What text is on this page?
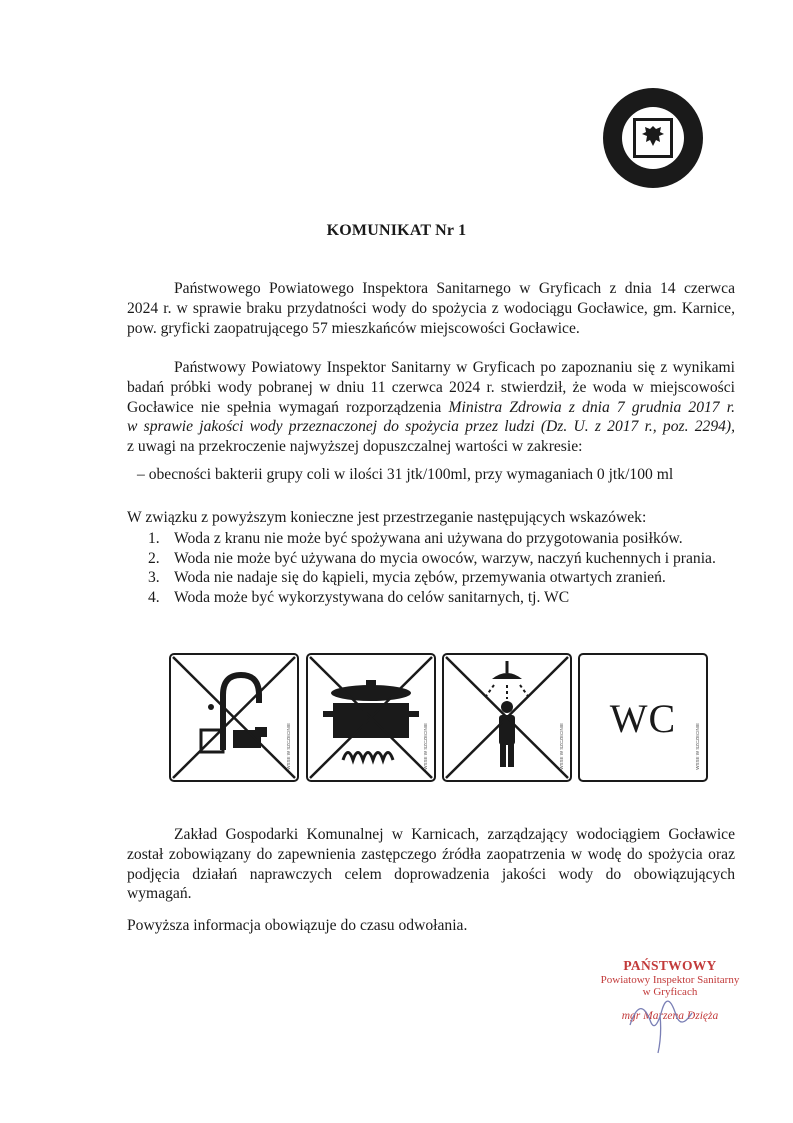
KOMUNIKAT Nr 1

Państwowego Powiatowego Inspektora Sanitarnego w Gryficach z dnia 14 czerwca
2024 r. w sprawie braku przydatności wody do spożycia z wodociągu Gocławice, gm. Karnice,
pow. gryficki zaopatrującego 57 mieszkańców miejscowości Gocławice.

Państwowy Powiatowy Inspektor Sanitarny w Gryficach po zapoznaniu się z wynikami
badań próbki wody pobranej w dniu 11 czerwca 2024 r. stwierdził, że woda w miejscowości
Gocławice nie spełnia wymagań rozporządzenia Ministra Zdrowia z dnia 7 grudnia 2017 r.
w sprawie jakości wody przeznaczonej do spożycia przez ludzi (Dz. U. z 2017 r., poz. 2294),
z uwagi na przekroczenie najwyższej dopuszczalnej wartości w zakresie:

– obecności bakterii grupy coli w ilości 31 jtk/100ml, przy wymaganiach 0 jtk/100 ml
W związku z powyższym konieczne jest przestrzeganie następujących wskazówek:
1. Woda z kranu nie może być spożywana ani używana do przygotowania posiłków.
2. Woda nie może być używana do mycia owoców, warzyw, naczyń kuchennych i prania.
3. Woda nie nadaje się do kąpieli, mycia zębów, przemywania otwartych zranień.
4. Woda może być wykorzystywana do celów sanitarnych, tj. WC
WSSE W SZCZECINIE	WSSE W SZCZECINIE	WSSE W SZCZECINIE
WC
WSSE W SZCZECINIE

Zakład Gospodarki Komunalnej w Karnicach, zarządzający wodociągiem Gocławice
został zobowiązany do zapewnienia zastępczego źródła zaopatrzenia w wodę do spożycia oraz
podjęcia działań naprawczych celem doprowadzenia jakości wody do obowiązujących
wymagań.

Powyższa informacja obowiązuje do czasu odwołania.

PAŃSTWOWY
Powiatowy Inspektor Sanitarny
w Gryficach
mgr Marzena Dzięża
